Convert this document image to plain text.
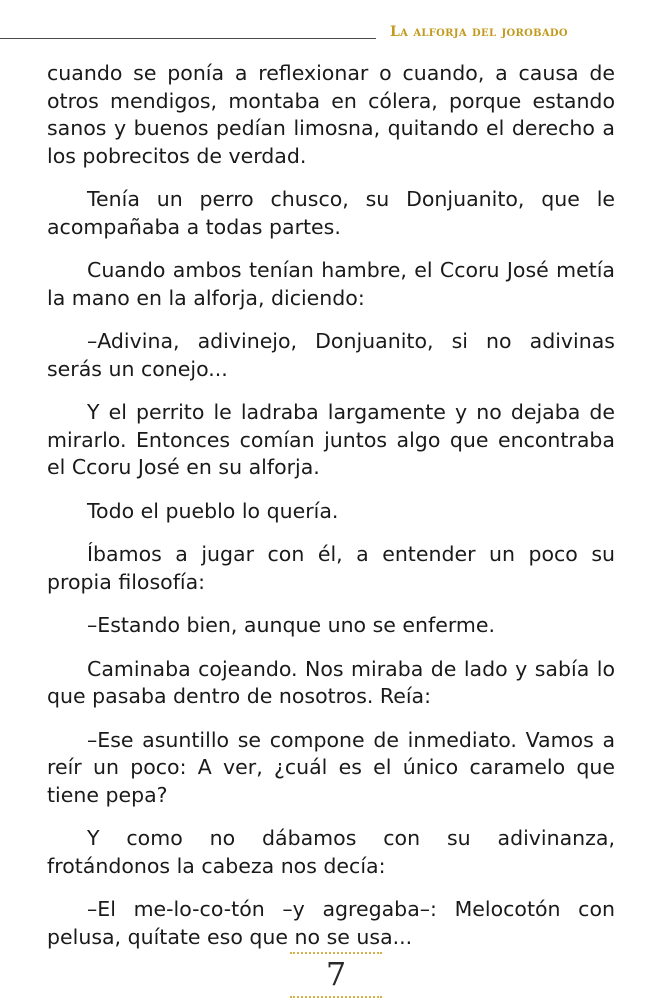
La alforja del jorobado

cuando se ponía a reflexionar o cuando, a causa de otros mendigos, montaba en cólera, porque estando sanos y buenos pedían limosna, quitando el derecho a los pobrecitos de verdad.

Tenía un perro chusco, su Donjuanito, que le acompañaba a todas partes.

Cuando ambos tenían hambre, el Ccoru José metía la mano en la alforja, diciendo:

–Adivina, adivinejo, Donjuanito, si no adivinas serás un conejo...

Y el perrito le ladraba largamente y no dejaba de mirarlo. Entonces comían juntos algo que encontraba el Ccoru José en su alforja.

Todo el pueblo lo quería.

Íbamos a jugar con él, a entender un poco su propia filosofía:

–Estando bien, aunque uno se enferme.

Caminaba cojeando. Nos miraba de lado y sabía lo que pasaba dentro de nosotros. Reía:

–Ese asuntillo se compone de inmediato. Vamos a reír un poco: A ver, ¿cuál es el único caramelo que tiene pepa?

Y como no dábamos con su adivinanza, frotándonos la cabeza nos decía:

–El me-lo-co-tón –y agregaba–: Melocotón con pelusa, quítate eso que no se usa...

7
